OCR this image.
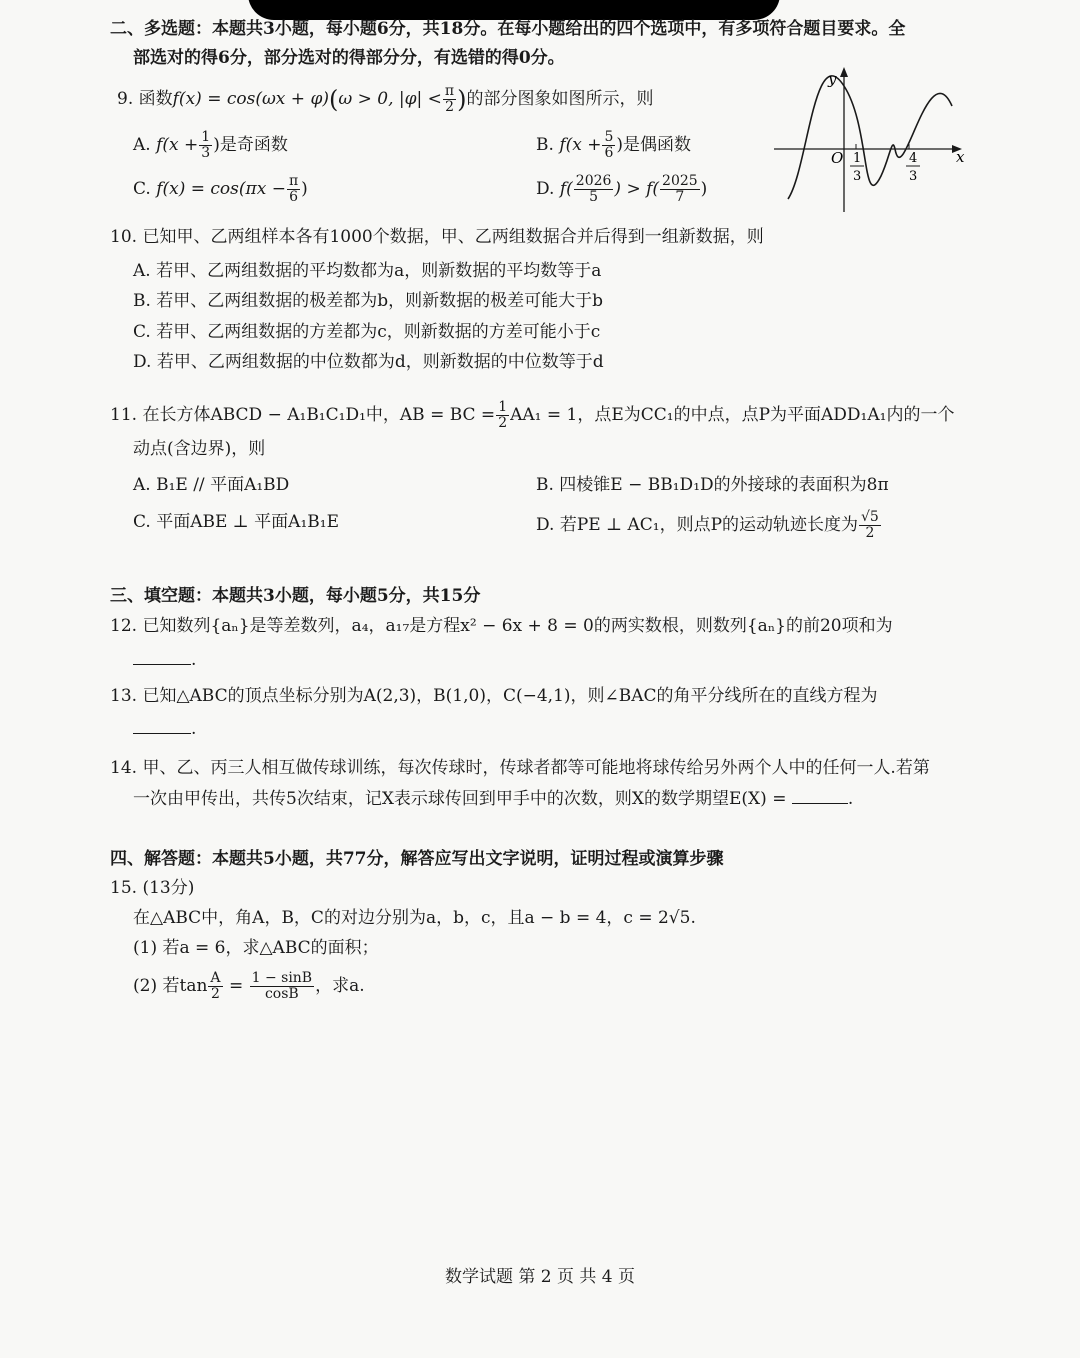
二、多选题：本题共3小题，每小题6分，共18分。在每小题给出的四个选项中，有多项符合题目要求。全
部选对的得6分，部分选对的得部分分，有选错的得0分。
9. 函数f(x) = cos(ωx + φ)(ω > 0, $|\varphi| < \frac{\pi}{2}$ )的部分图象如图所示，则
A. $f(x + \frac{1}{3}$ )是奇函数	B. $f(x + \frac{5}{6}$ )是偶函数
C. $f(x) = \cos(\pi x - \frac{\pi}{6}$ )	D. $f( \frac{2026}{5}$ ) > $f( \frac{2025}{7}$ )
y
x
O 1
3
4
3
10. 已知甲、乙两组样本各有1000个数据，甲、乙两组数据合并后得到一组新数据，则
A. 若甲、乙两组数据的平均数都为a，则新数据的平均数等于a
B. 若甲、乙两组数据的极差都为b，则新数据的极差可能大于b
C. 若甲、乙两组数据的方差都为c，则新数据的方差可能小于c
D. 若甲、乙两组数据的中位数都为d，则新数据的中位数等于d
11. 在长方体ABCD − A₁B₁C₁D₁中，AB = BC = $\frac{1}{2} AA_1 = 1$，点E为CC₁的中点，点P为平面ADD₁A₁内的一个
动点(含边界)，则
A. B₁E // 平面A₁BD	B. 四棱锥E − BB₁D₁D的外接球的表面积为8π
C. 平面ABE ⊥ 平面A₁B₁E	D. 若PE ⊥ AC₁，则点P的运动轨迹长度为 $\frac{√5}{2}$
三、填空题：本题共3小题，每小题5分，共15分
12. 已知数列{aₙ}是等差数列，a₄，a₁₇是方程x² − 6x + 8 = 0的两实数根，则数列{aₙ}的前20项和为
.
13. 已知△ABC的顶点坐标分别为A(2,3)，B(1,0)，C(−4,1)，则∠BAC的角平分线所在的直线方程为
.
14. 甲、乙、丙三人相互做传球训练，每次传球时，传球者都等可能地将球传给另外两个人中的任何一人.若第
一次由甲传出，共传5次结束，记X表示球传回到甲手中的次数，则X的数学期望E(X) =	.
四、解答题：本题共5小题，共77分，解答应写出文字说明，证明过程或演算步骤
15. (13分)
在△ABC中，角A，B，C的对边分别为a，b，c，且a − b = 4，c = 2√5.
(1) 若a = 6，求△ABC的面积；
(2) 若$\tan \frac{A}{2} = \frac{1 - \sin B}{\cos B}$ ，求a.
数学试题 第 2 页 共 4 页
